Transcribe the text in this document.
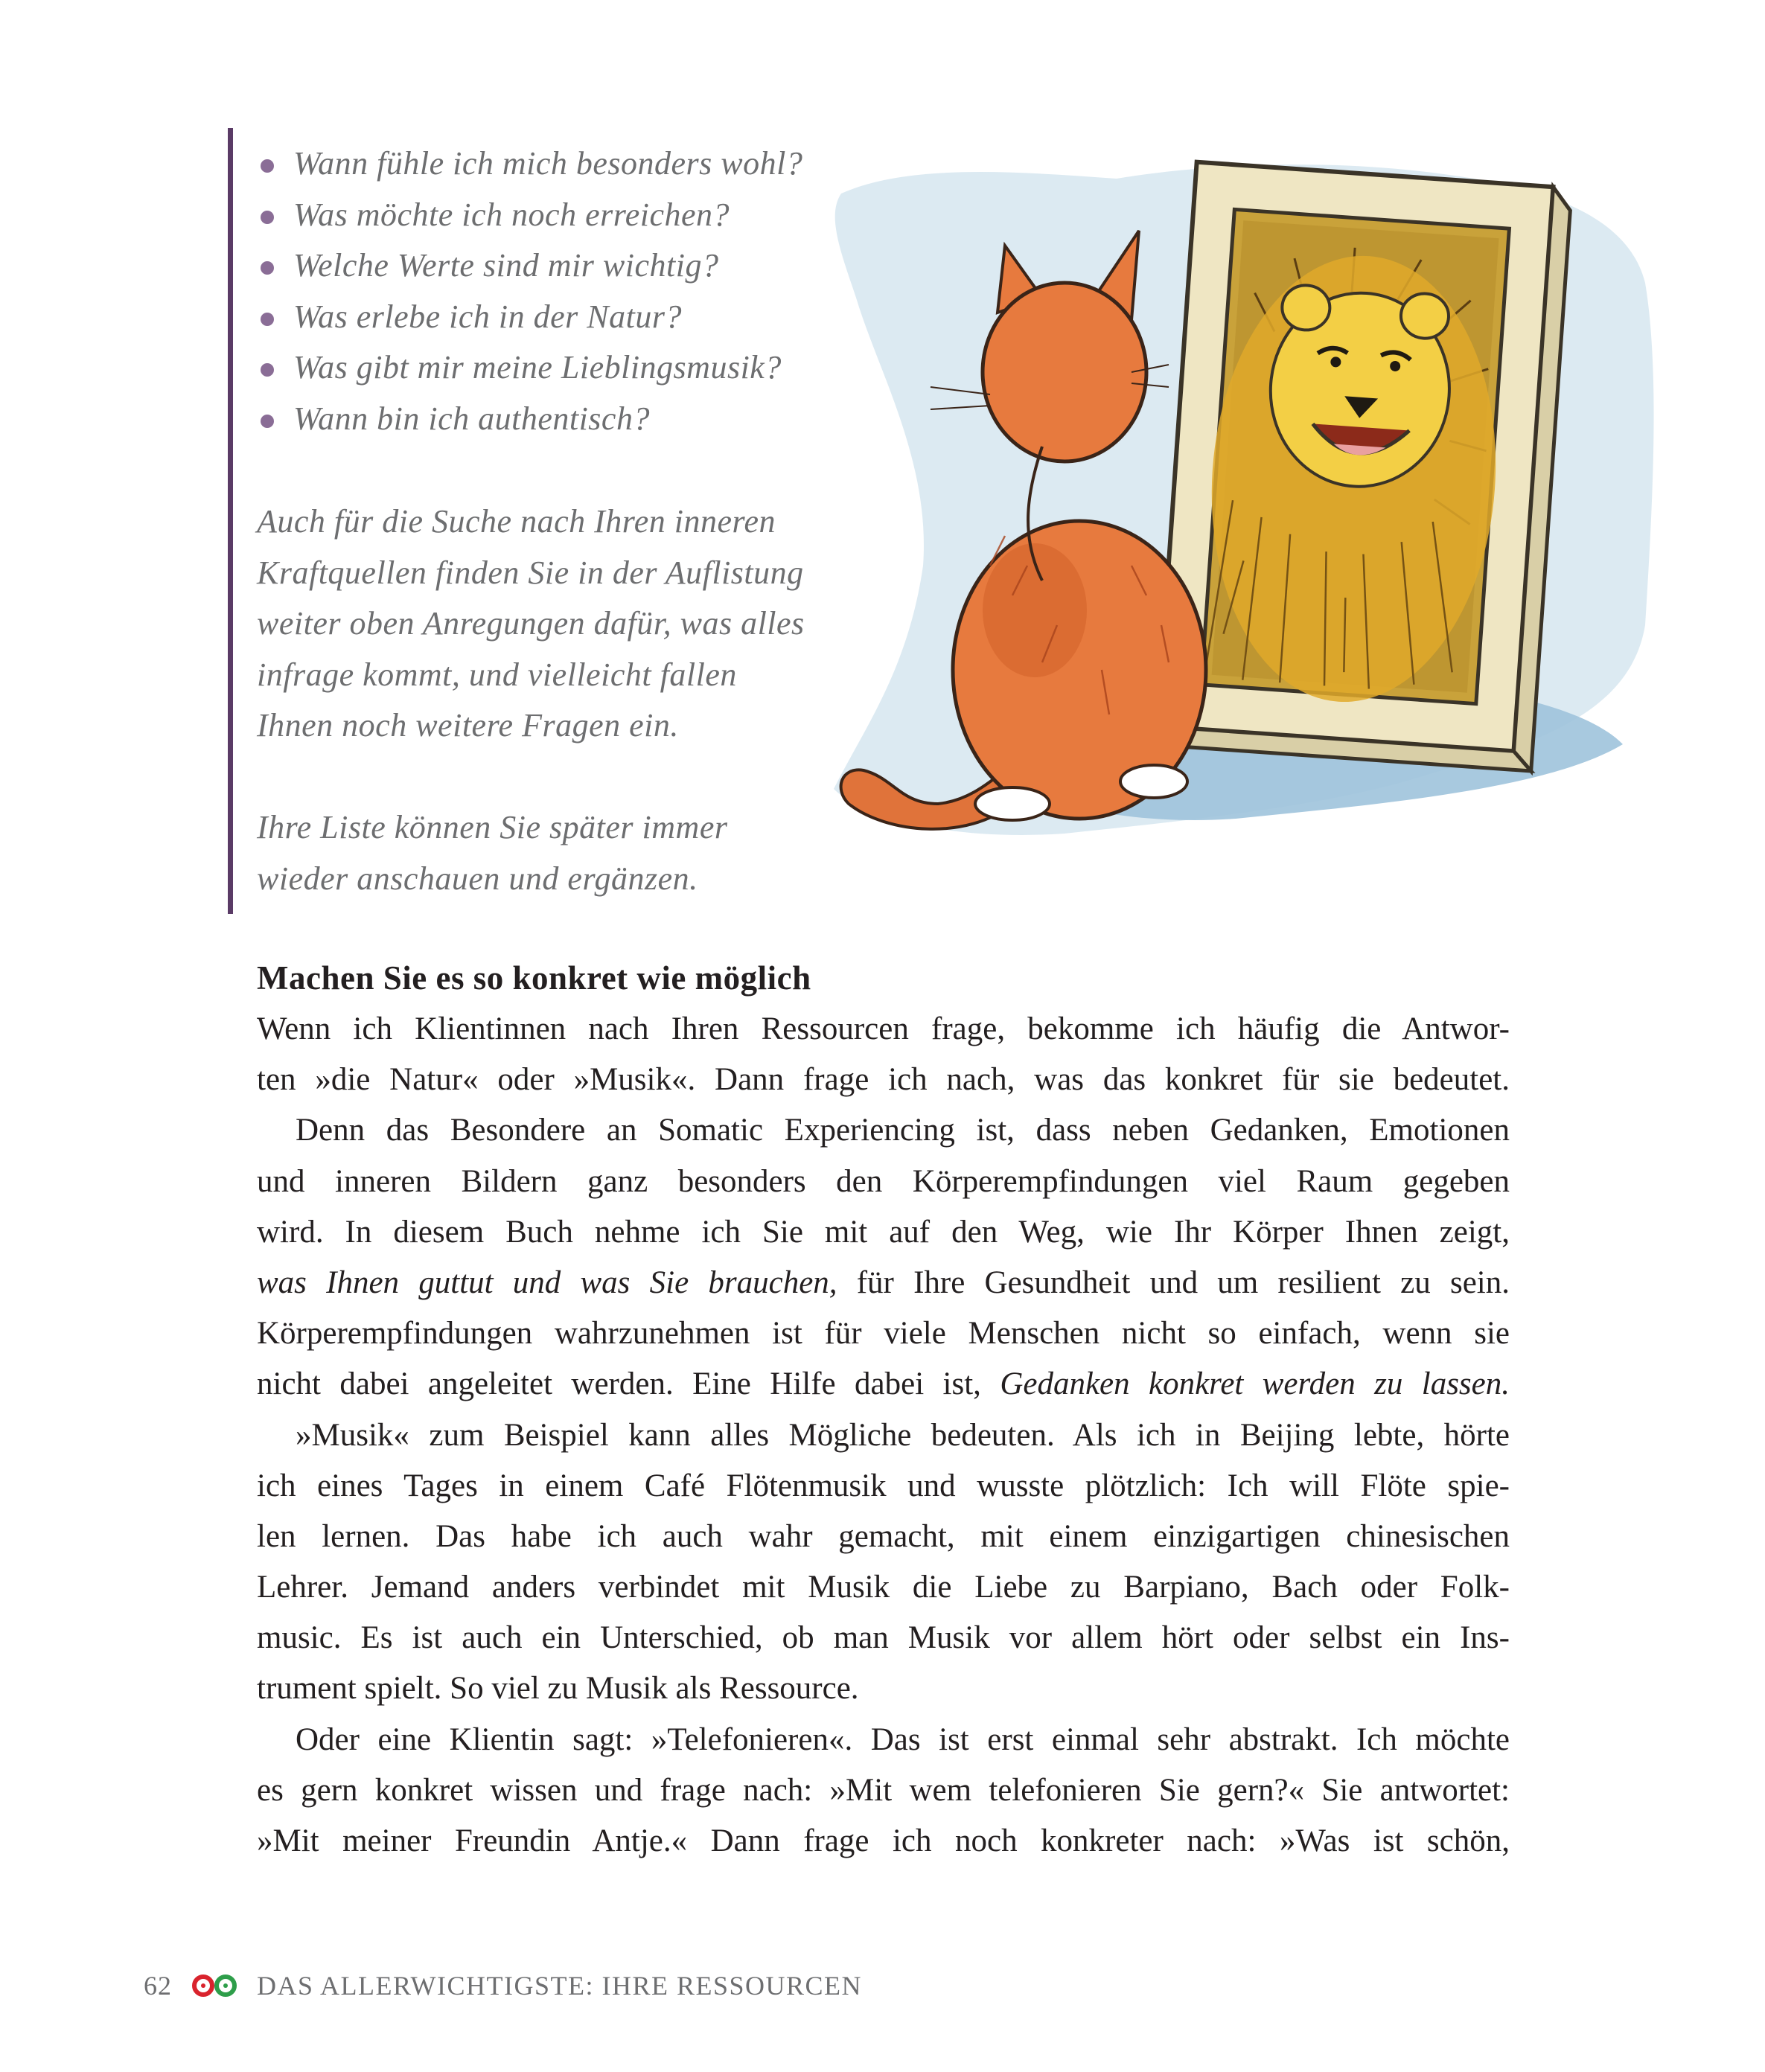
Wann fühle ich mich besonders wohl?
Was möchte ich noch erreichen?
Welche Werte sind mir wichtig?
Was erlebe ich in der Natur?
Was gibt mir meine Lieblingsmusik?
Wann bin ich authentisch?

Auch für die Suche nach Ihren inneren
Kraftquellen finden Sie in der Auflistung
weiter oben Anregungen dafür, was alles
infrage kommt, und vielleicht fallen
Ihnen noch weitere Fragen ein.

Ihre Liste können Sie später immer
wieder anschauen und ergänzen.

Machen Sie es so konkret wie möglich
Wenn ich Klientinnen nach Ihren Ressourcen frage, bekomme ich häufig die Antwor-
ten »die Natur« oder »Musik«. Dann frage ich nach, was das konkret für sie bedeutet.
Denn das Besondere an Somatic Experiencing ist, dass neben Gedanken, Emotionen
und inneren Bildern ganz besonders den Körperempfindungen viel Raum gegeben
wird. In diesem Buch nehme ich Sie mit auf den Weg, wie Ihr Körper Ihnen zeigt,
was Ihnen guttut und was Sie brauchen, für Ihre Gesundheit und um resilient zu sein.
Körperempfindungen wahrzunehmen ist für viele Menschen nicht so einfach, wenn sie
nicht dabei angeleitet werden. Eine Hilfe dabei ist, Gedanken konkret werden zu lassen.
»Musik« zum Beispiel kann alles Mögliche bedeuten. Als ich in Beijing lebte, hörte
ich eines Tages in einem Café Flötenmusik und wusste plötzlich: Ich will Flöte spie-
len lernen. Das habe ich auch wahr gemacht, mit einem einzigartigen chinesischen
Lehrer. Jemand anders verbindet mit Musik die Liebe zu Barpiano, Bach oder Folk-
music. Es ist auch ein Unterschied, ob man Musik vor allem hört oder selbst ein Ins-
trument spielt. So viel zu Musik als Ressource.
Oder eine Klientin sagt: »Telefonieren«. Das ist erst einmal sehr abstrakt. Ich möchte
es gern konkret wissen und frage nach: »Mit wem telefonieren Sie gern?« Sie antwortet:
»Mit meiner Freundin Antje.« Dann frage ich noch konkreter nach: »Was ist schön,
62	DAS ALLERWICHTIGSTE: IHRE RESSOURCEN
